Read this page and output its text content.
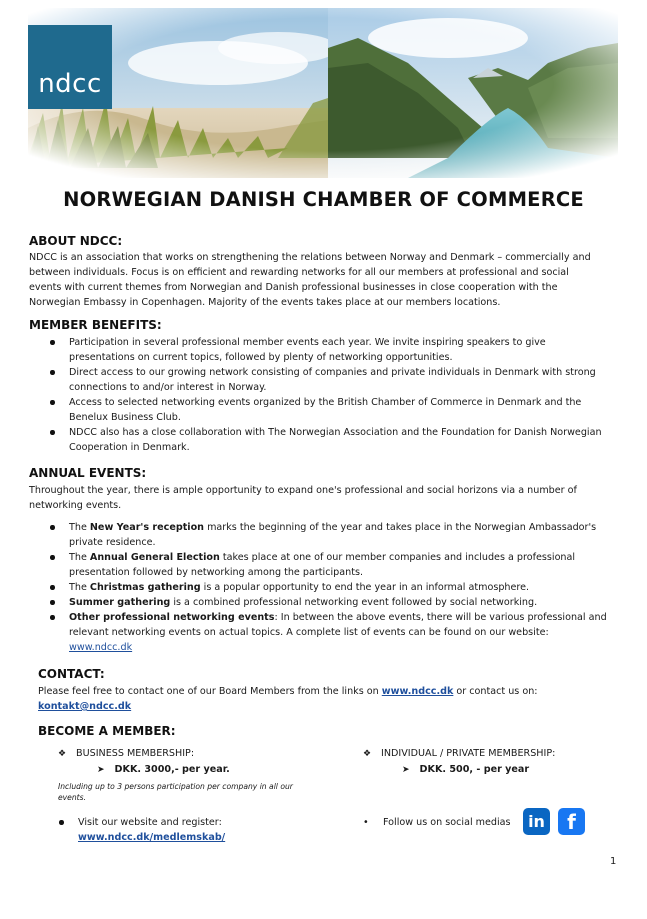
ndcc
NORWEGIAN DANISH CHAMBER OF COMMERCE
ABOUT NDCC:
NDCC is an association that works on strengthening the relations between Norway and Denmark – commercially and
between individuals. Focus is on efficient and rewarding networks for all our members at professional and social
events with current themes from Norwegian and Danish professional businesses in close cooperation with the
Norwegian Embassy in Copenhagen. Majority of the events takes place at our members locations.
MEMBER BENEFITS:
Participation in several professional member events each year. We invite inspiring speakers to give
presentations on current topics, followed by plenty of networking opportunities.
Direct access to our growing network consisting of companies and private individuals in Denmark with strong
connections to and/or interest in Norway.
Access to selected networking events organized by the British Chamber of Commerce in Denmark and the
Benelux Business Club.
NDCC also has a close collaboration with The Norwegian Association and the Foundation for Danish Norwegian
Cooperation in Denmark.
ANNUAL EVENTS:
Throughout the year, there is ample opportunity to expand one's professional and social horizons via a number of
networking events.
The New Year's reception marks the beginning of the year and takes place in the Norwegian Ambassador's
private residence.
The Annual General Election takes place at one of our member companies and includes a professional
presentation followed by networking among the participants.
The Christmas gathering is a popular opportunity to end the year in an informal atmosphere.
Summer gathering is a combined professional networking event followed by social networking.
Other professional networking events: In between the above events, there will be various professional and
relevant networking events on actual topics. A complete list of events can be found on our website:
www.ndcc.dk
CONTACT:
Please feel free to contact one of our Board Members from the links on www.ndcc.dk or contact us on:
kontakt@ndcc.dk
BECOME A MEMBER:
❖	BUSINESS MEMBERSHIP:
➤ DKK. 3000,- per year.
Including up to 3 persons participation per company in all our
events.
❖	INDIVIDUAL / PRIVATE MEMBERSHIP:
➤ DKK. 500, - per year
Visit our website and register:
www.ndcc.dk/medlemskab/
• Follow us on social medias in f
1
